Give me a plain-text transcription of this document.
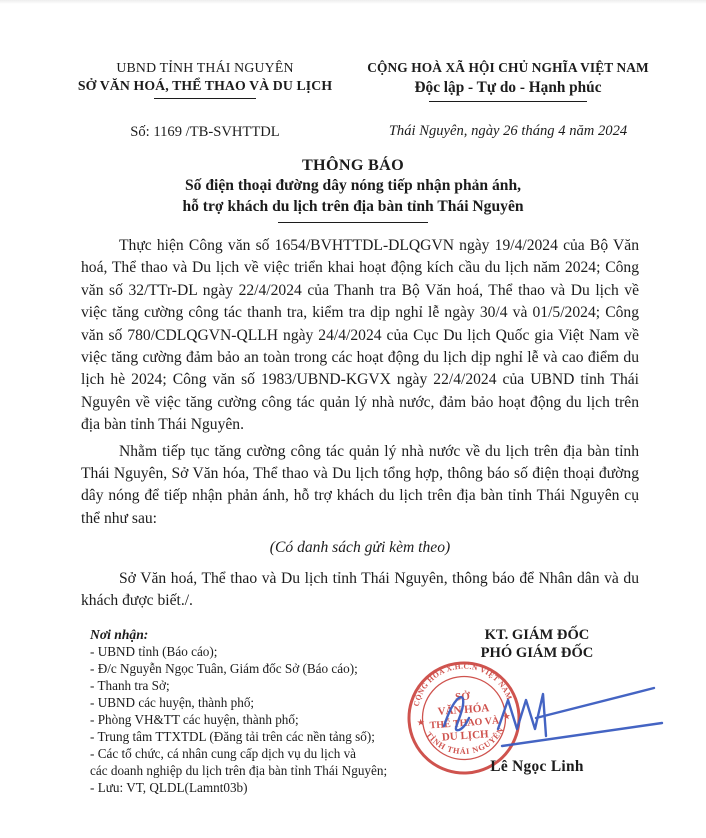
UBND TỈNH THÁI NGUYÊN
SỞ VĂN HOÁ, THỂ THAO VÀ DU LỊCH
Số: 1169 /TB-SVHTTDL
CỘNG HOÀ XÃ HỘI CHỦ NGHĨA VIỆT NAM
Độc lập - Tự do - Hạnh phúc
Thái Nguyên, ngày 26 tháng 4 năm 2024
THÔNG BÁO
Số điện thoại đường dây nóng tiếp nhận phản ánh,
hỗ trợ khách du lịch trên địa bàn tỉnh Thái Nguyên

Thực hiện Công văn số 1654/BVHTTDL-DLQGVN ngày 19/4/2024 của Bộ Văn hoá, Thể thao và Du lịch về việc triển khai hoạt động kích cầu du lịch năm 2024; Công văn số 32/TTr-DL ngày 22/4/2024 của Thanh tra Bộ Văn hoá, Thể thao và Du lịch về việc tăng cường công tác thanh tra, kiểm tra dịp nghỉ lễ ngày 30/4 và 01/5/2024; Công văn số 780/CDLQGVN-QLLH ngày 24/4/2024 của Cục Du lịch Quốc gia Việt Nam về việc tăng cường đảm bảo an toàn trong các hoạt động du lịch dịp nghỉ lễ và cao điểm du lịch hè 2024; Công văn số 1983/UBND-KGVX ngày 22/4/2024 của UBND tỉnh Thái Nguyên về việc tăng cường công tác quản lý nhà nước, đảm bảo hoạt động du lịch trên địa bàn tỉnh Thái Nguyên.

Nhằm tiếp tục tăng cường công tác quản lý nhà nước về du lịch trên địa bàn tỉnh Thái Nguyên, Sở Văn hóa, Thể thao và Du lịch tổng hợp, thông báo số điện thoại đường dây nóng để tiếp nhận phản ánh, hỗ trợ khách du lịch trên địa bàn tỉnh Thái Nguyên cụ thể như sau:

(Có danh sách gửi kèm theo)

Sở Văn hoá, Thể thao và Du lịch tỉnh Thái Nguyên, thông báo để Nhân dân và du khách được biết./.

Nơi nhận:
- UBND tỉnh (Báo cáo);
- Đ/c Nguyễn Ngọc Tuân, Giám đốc Sở (Báo cáo);
- Thanh tra Sở;
- UBND các huyện, thành phố;
- Phòng VH&TT các huyện, thành phố;
- Trung tâm TTXTDL (Đăng tải trên các nền tảng số);
- Các tổ chức, cá nhân cung cấp dịch vụ du lịch và
các doanh nghiệp du lịch trên địa bàn tỉnh Thái Nguyên;
- Lưu: VT, QLDL(Lamnt03b)
KT. GIÁM ĐỐC
PHÓ GIÁM ĐỐC
CỘNG HÒA X.H.C.N VIỆT NAM
TỈNH THÁI NGUYÊN
★
★
SỞ
VĂN HÓA
THỂ THAO VÀ
DU LỊCH
Lê Ngọc Linh
